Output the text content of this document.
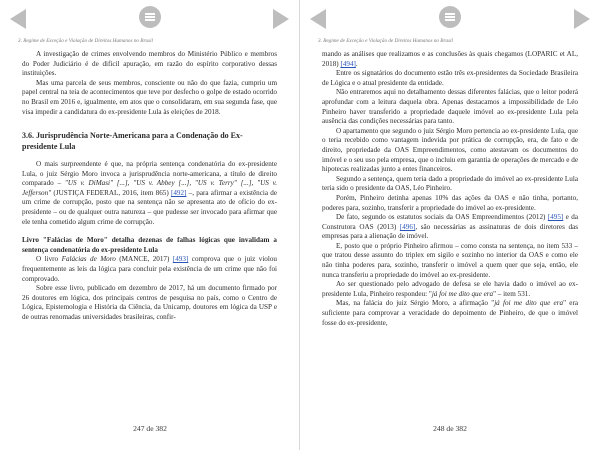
3. Regime de Exceção e Violação de Direitos Humanos no Brasil

A investigação de crimes envolvendo membros do Ministério Público e membros do Poder Judiciário é de difícil apuração, em razão do espírito corporativo dessas instituições.

Mas uma parcela de seus membros, consciente ou não do que fazia, cumpriu um papel central na teia de acontecimentos que teve por desfecho o golpe de estado ocorrido no Brasil em 2016 e, igualmente, em atos que o consolidaram, em sua segunda fase, que visa impedir a candidatura do ex-presidente Lula às eleições de 2018.

3.6. Jurisprudência Norte-Americana para a Condenação do Ex-presidente Lula

O mais surpreendente é que, na própria sentença condenatória do ex-presidente Lula, o juiz Sérgio Moro invoca a jurisprudência norte-americana, a título de direito comparado – "US v. DiMasi" [...], "US v. Abbey [...], "US v. Terry" [...], "US v. Jefferson" (JUSTIÇA FEDERAL, 2016, item 865) [492] –, para afirmar a existência de um crime de corrupção, posto que na sentença não se apresenta ato de ofício do ex-presidente – ou de qualquer outra natureza – que pudesse ser invocado para afirmar que ele tenha cometido algum crime de corrupção.

Livro "Falácias de Moro" detalha dezenas de falhas lógicas que invalidam a sentença condenatória do ex-presidente Lula

O livro Falácias de Moro (MANCE, 2017) [493] comprova que o juiz violou frequentemente as leis da lógica para concluir pela existência de um crime que não foi comprovado.

Sobre esse livro, publicado em dezembro de 2017, há um documento firmado por 26 doutores em lógica, dos principais centros de pesquisa no país, como o Centro de Lógica, Epistemologia e História da Ciência, da Unicamp, doutores em lógica da USP e de outras renomadas universidades brasileiras, confir-

247 de 382
3. Regime de Exceção e Violação de Direitos Humanos no Brasil

mando as análises que realizamos e as conclusões às quais chegamos (LOPARIC et AL, 2018) [494].

Entre os signatários do documento estão três ex-presidentes da Sociedade Brasileira de Lógica e o atual presidente da entidade.

Não entraremos aqui no detalhamento dessas diferentes falácias, que o leitor poderá aprofundar com a leitura daquela obra. Apenas destacamos a impossibilidade de Léo Pinheiro haver transferido a propriedade daquele imóvel ao ex-presidente Lula pela ausência das condições necessárias para tanto.

O apartamento que segundo o juiz Sérgio Moro pertencia ao ex-presidente Lula, que o teria recebido como vantagem indevida por prática de corrupção, era, de fato e de direito, propriedade da OAS Empreendimentos, como atestavam os documentos do imóvel e o seu uso pela empresa, que o incluiu em garantia de operações de mercado e de hipotecas realizadas junto a entes financeiros.

Segundo a sentença, quem teria dado a propriedade do imóvel ao ex-presidente Lula teria sido o presidente da OAS, Léo Pinheiro.

Porém, Pinheiro detinha apenas 10% das ações da OAS e não tinha, portanto, poderes para, sozinho, transferir a propriedade do imóvel ao ex-presidente.

De fato, segundo os estatutos sociais da OAS Empreendimentos (2012) [495] e da Construtora OAS (2013) [496], são necessárias as assinaturas de dois diretores das empresas para a alienação de imóvel.

E, posto que o próprio Pinheiro afirmou – como consta na sentença, no item 533 – que tratou desse assunto do triplex em sigilo e sozinho no interior da OAS e como ele não tinha poderes para, sozinho, transferir o imóvel a quem quer que seja, então, ele nunca transferiu a propriedade do imóvel ao ex-presidente.

Ao ser questionado pelo advogado de defesa se ele havia dado o imóvel ao ex-presidente Lula, Pinheiro respondeu: "já foi me dito que era" – item 531.

Mas, na falácia do juiz Sérgio Moro, a afirmação "já foi me dito que era" era suficiente para comprovar a veracidade do depoimento de Pinheiro, de que o imóvel fosse do ex-presidente,

248 de 382
